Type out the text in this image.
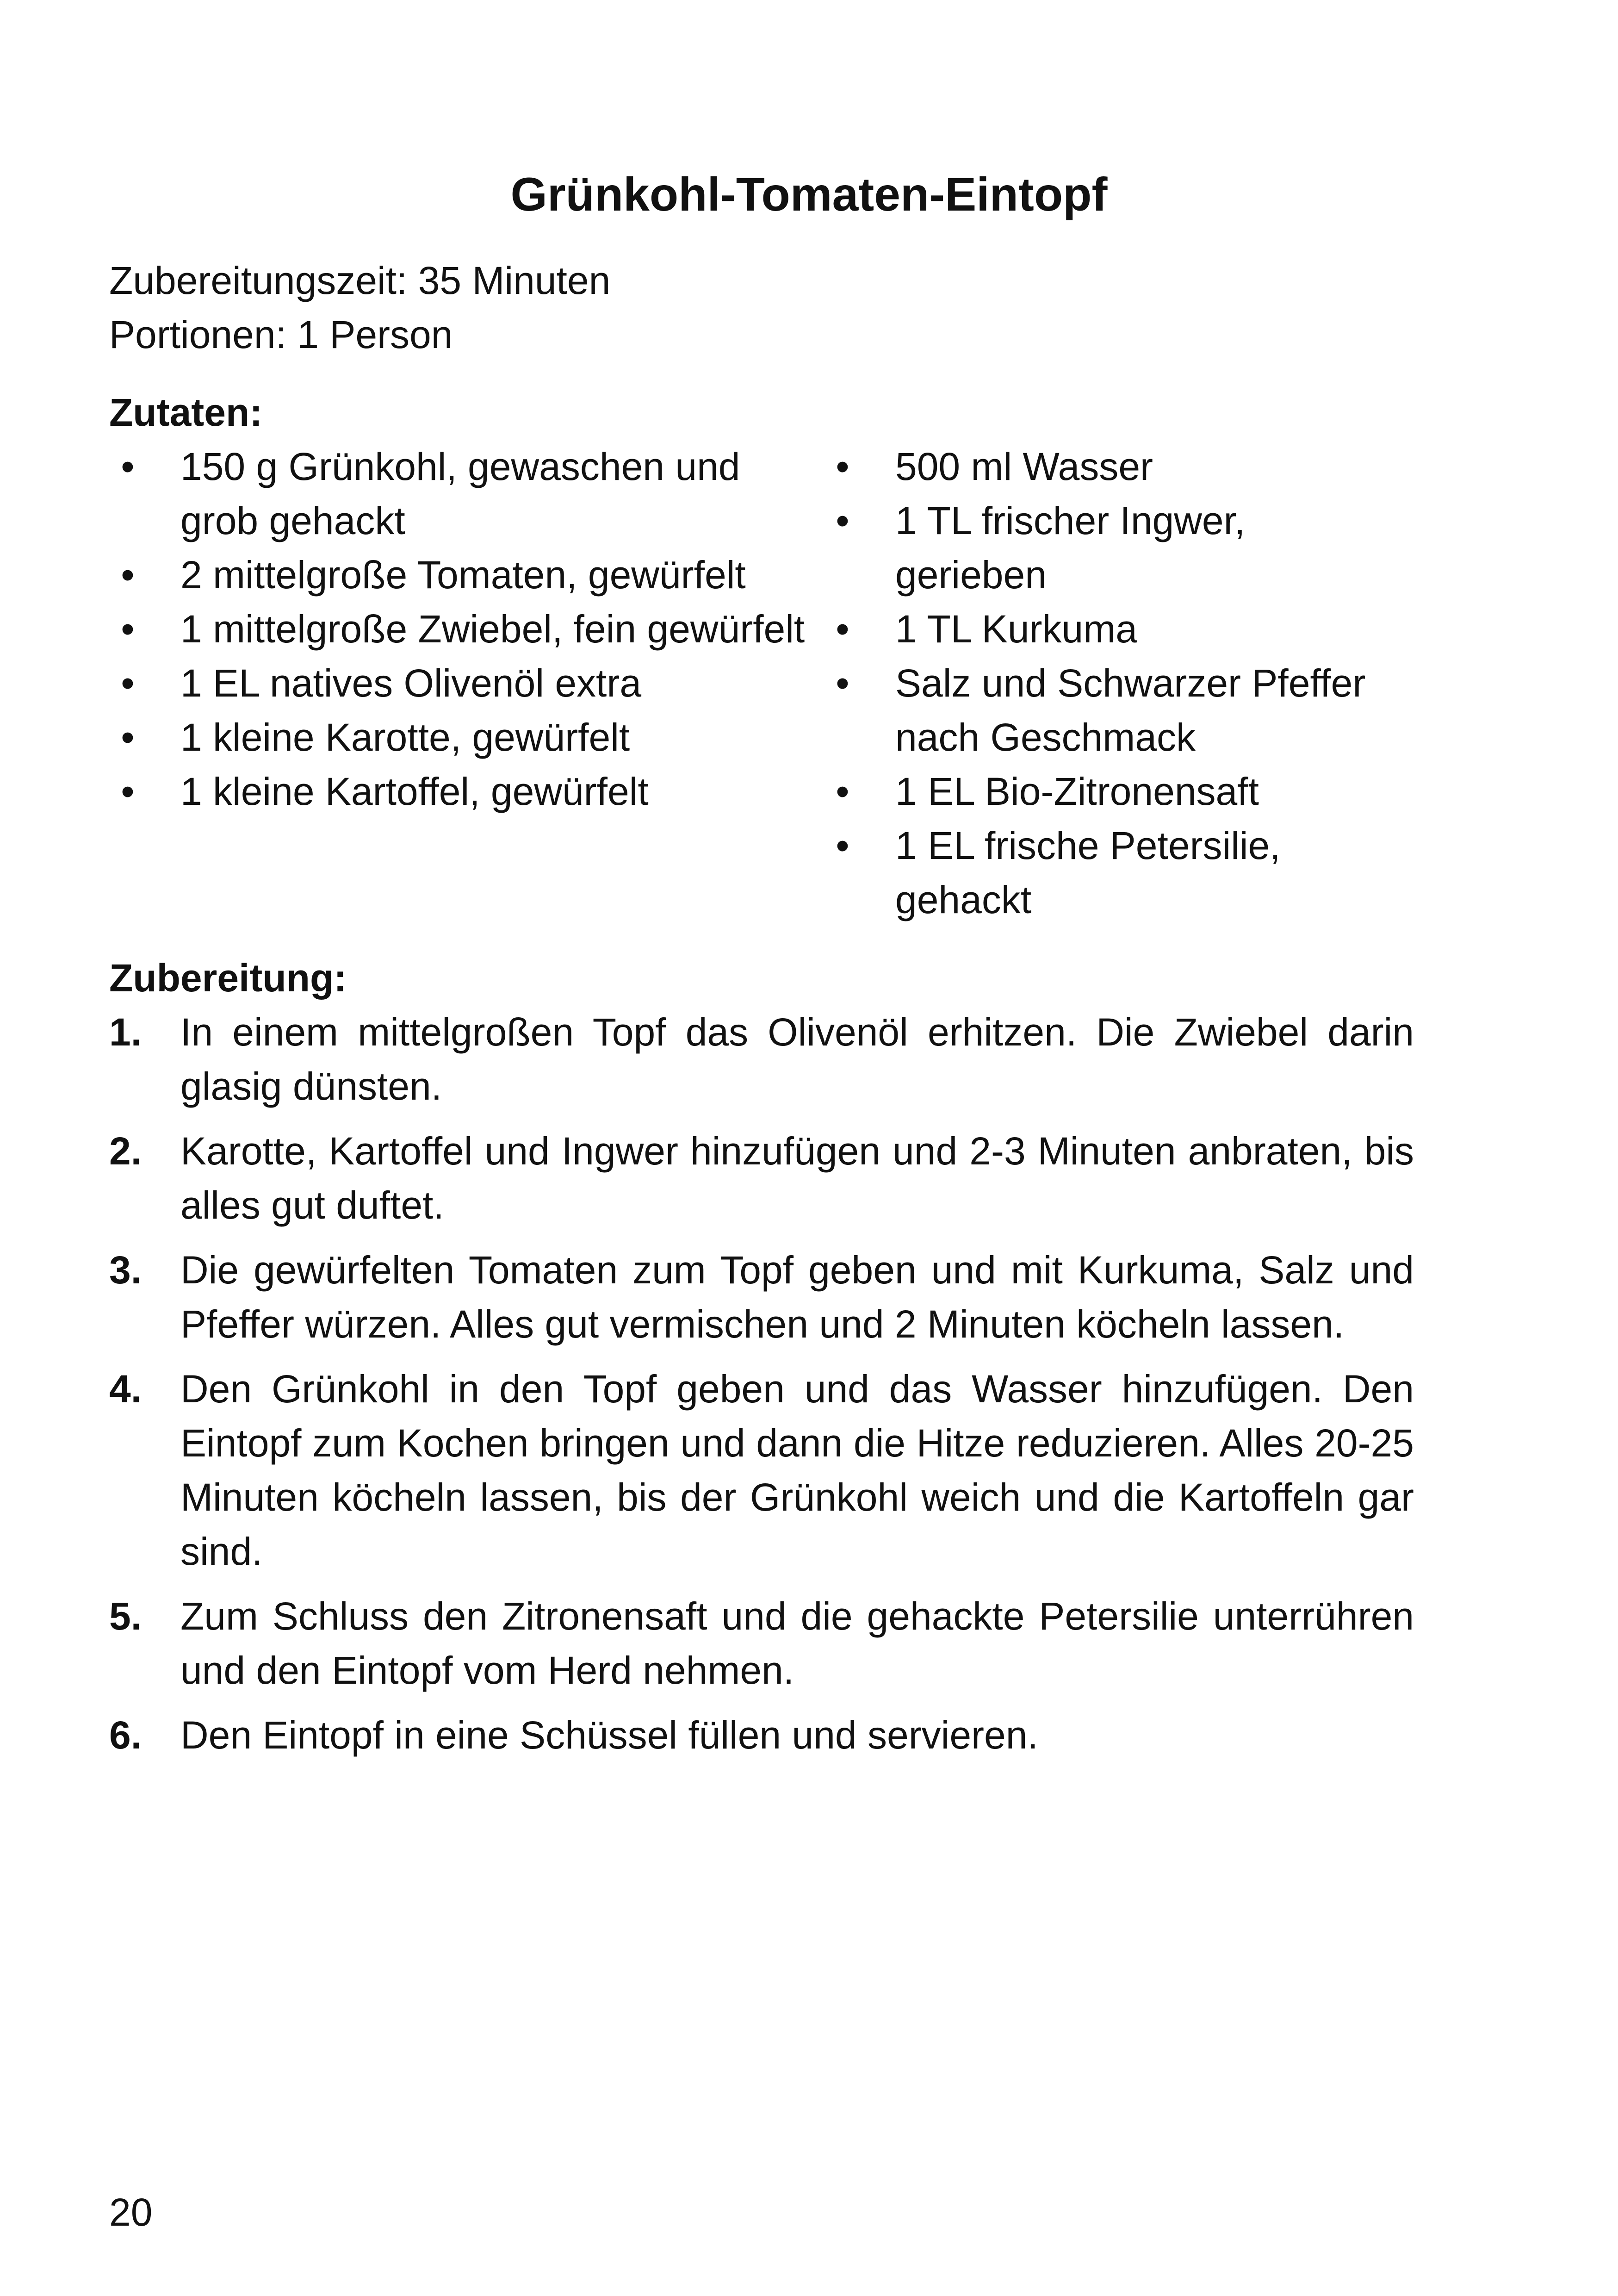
Grünkohl-Tomaten-Eintopf
Zubereitungszeit: 35 Minuten
Portionen: 1 Person
Zutaten:
• 150 g Grünkohl, gewaschen und grob gehackt
• 2 mittelgroße Tomaten, gewürfelt
• 1 mittelgroße Zwiebel, fein gewürfelt
• 1 EL natives Olivenöl extra
• 1 kleine Karotte, gewürfelt
• 1 kleine Kartoffel, gewürfelt
• 500 ml Wasser
• 1 TL frischer Ingwer, gerieben
• 1 TL Kurkuma
• Salz und Schwarzer Pfeffer nach Geschmack
• 1 EL Bio-Zitronensaft
• 1 EL frische Petersilie, gehackt
Zubereitung:
1. In einem mittelgroßen Topf das Olivenöl erhitzen. Die Zwiebel darin glasig dünsten.
2. Karotte, Kartoffel und Ingwer hinzufügen und 2-3 Minuten anbraten, bis alles gut duftet.
3. Die gewürfelten Tomaten zum Topf geben und mit Kurkuma, Salz und Pfeffer würzen. Alles gut vermischen und 2 Minuten köcheln lassen.
4. Den Grünkohl in den Topf geben und das Wasser hinzufügen. Den Eintopf zum Kochen bringen und dann die Hitze reduzieren. Alles 20-25 Minuten köcheln lassen, bis der Grünkohl weich und die Kartoffeln gar sind.
5. Zum Schluss den Zitronensaft und die gehackte Petersilie unterrühren und den Eintopf vom Herd nehmen.
6. Den Eintopf in eine Schüssel füllen und servieren.
20
